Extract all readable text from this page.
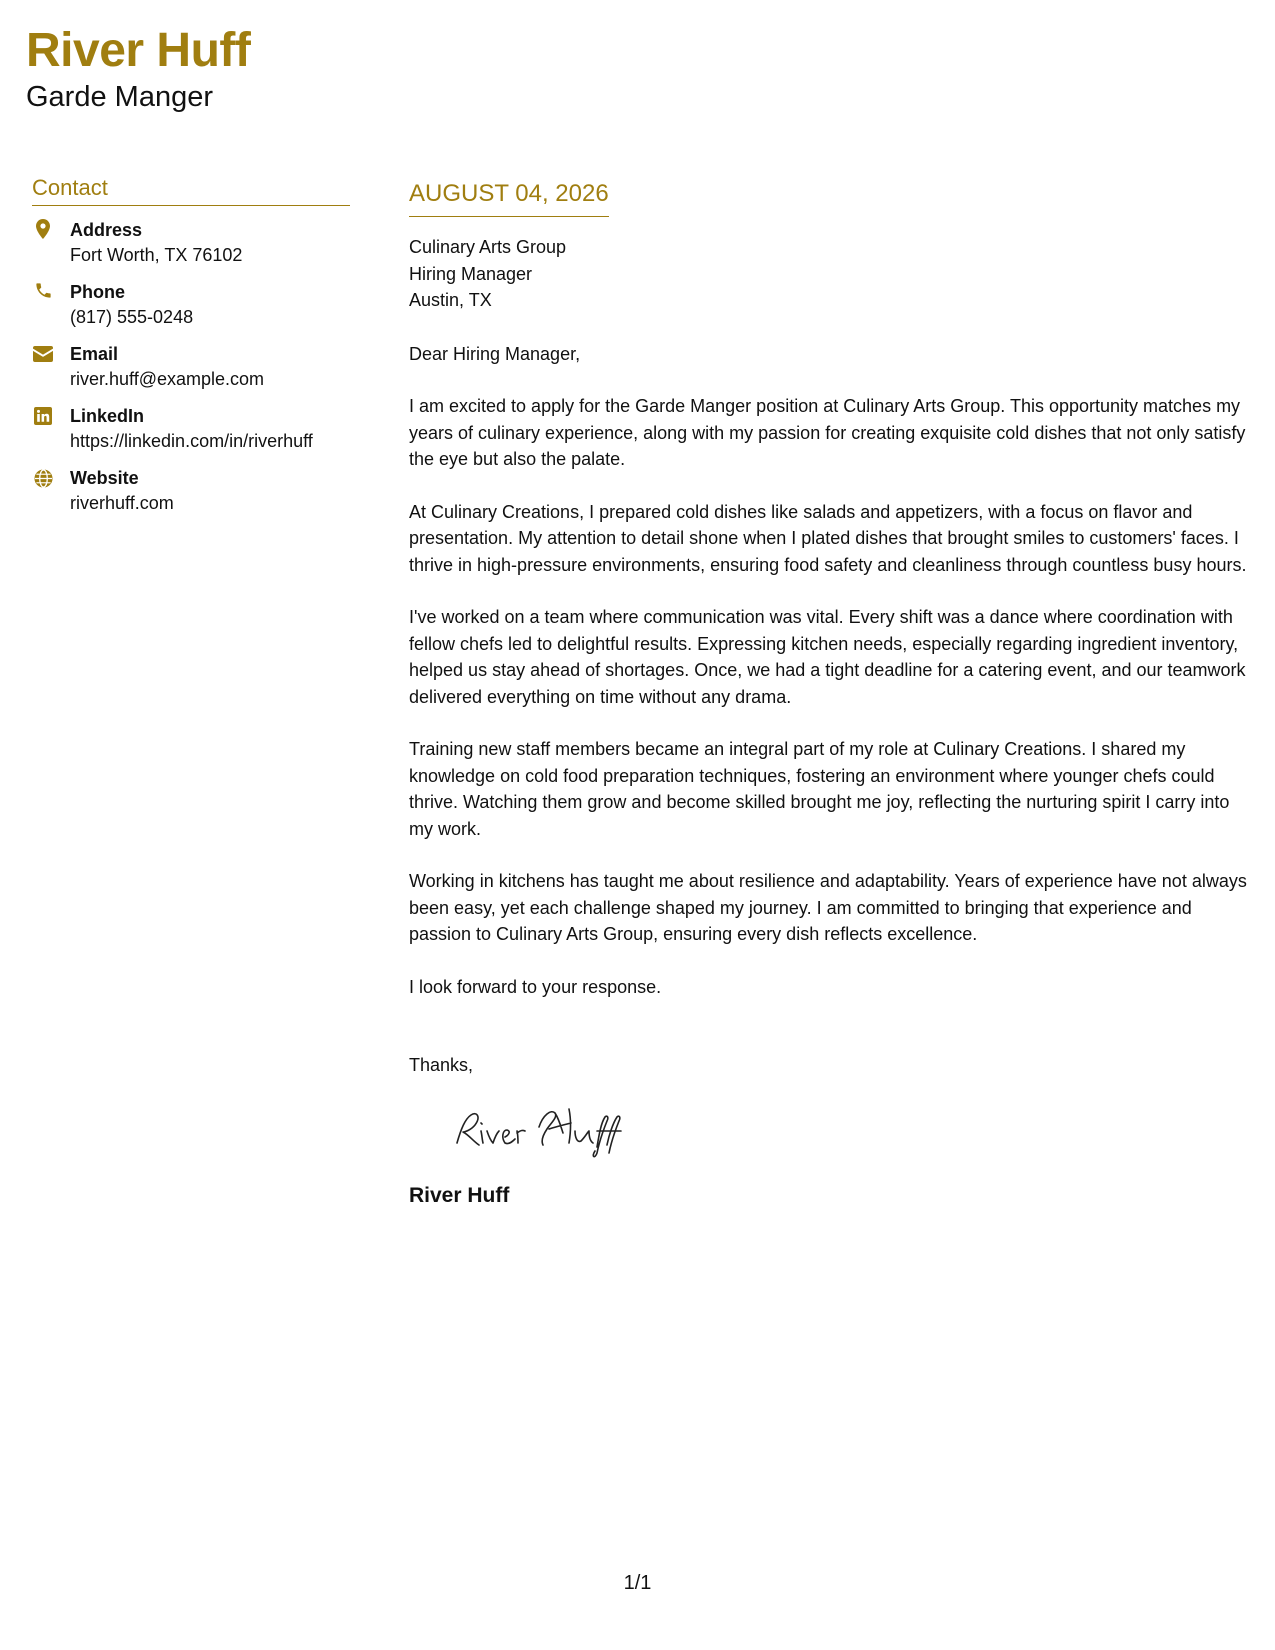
River Huff
Garde Manger
Contact
Address
Fort Worth, TX 76102
Phone
(817) 555-0248
Email
river.huff@example.com
LinkedIn
https://linkedin.com/in/riverhuff
Website
riverhuff.com
AUGUST 04, 2026
Culinary Arts Group
Hiring Manager
Austin, TX
Dear Hiring Manager,

I am excited to apply for the Garde Manger position at Culinary Arts Group. This opportunity matches my years of culinary experience, along with my passion for creating exquisite cold dishes that not only satisfy the eye but also the palate.

At Culinary Creations, I prepared cold dishes like salads and appetizers, with a focus on flavor and presentation. My attention to detail shone when I plated dishes that brought smiles to customers' faces. I thrive in high-pressure environments, ensuring food safety and cleanliness through countless busy hours.

I've worked on a team where communication was vital. Every shift was a dance where coordination with fellow chefs led to delightful results. Expressing kitchen needs, especially regarding ingredient inventory, helped us stay ahead of shortages. Once, we had a tight deadline for a catering event, and our teamwork delivered everything on time without any drama.

Training new staff members became an integral part of my role at Culinary Creations. I shared my knowledge on cold food preparation techniques, fostering an environment where younger chefs could thrive. Watching them grow and become skilled brought me joy, reflecting the nurturing spirit I carry into my work.

Working in kitchens has taught me about resilience and adaptability. Years of experience have not always been easy, yet each challenge shaped my journey. I am committed to bringing that experience and passion to Culinary Arts Group, ensuring every dish reflects excellence.

I look forward to your response.
Thanks,
River Huff
1/1
